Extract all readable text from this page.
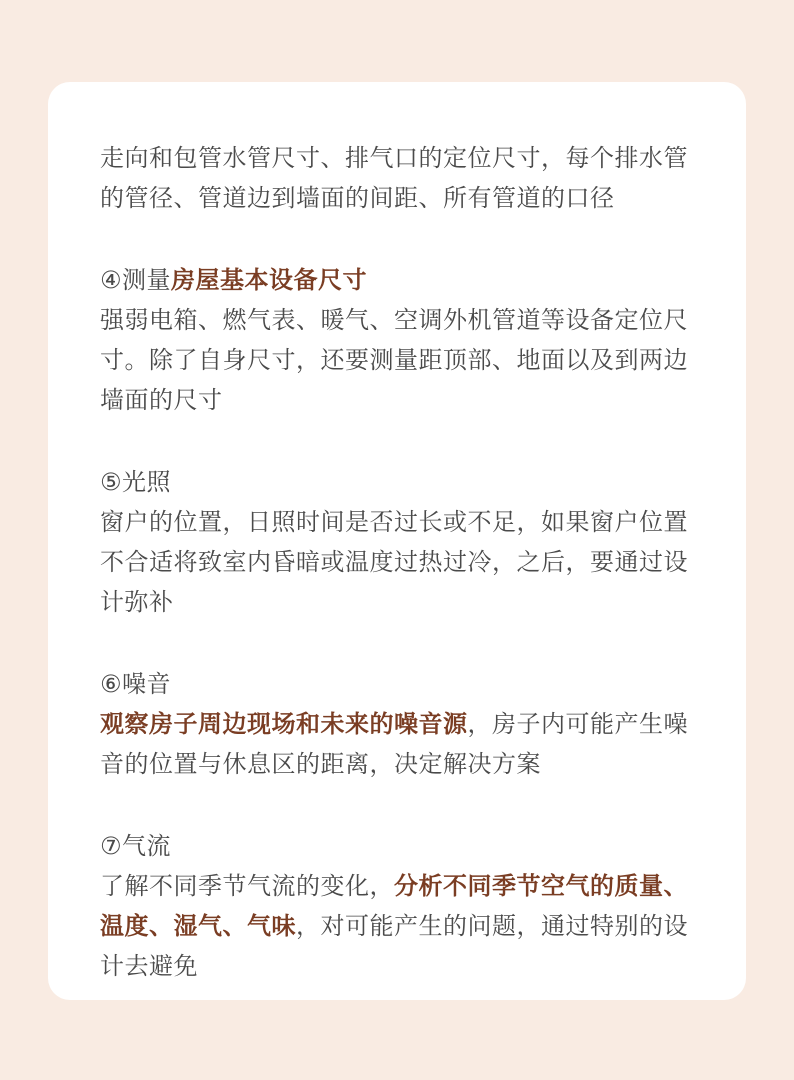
走向和包管水管尺寸、排气口的定位尺寸，每个排水管的管径、管道边到墙面的间距、所有管道的口径

④测量房屋基本设备尺寸

强弱电箱、燃气表、暖气、空调外机管道等设备定位尺寸。除了自身尺寸，还要测量距顶部、地面以及到两边墙面的尺寸

⑤光照

窗户的位置，日照时间是否过长或不足，如果窗户位置不合适将致室内昏暗或温度过热过冷，之后，要通过设计弥补

⑥噪音

观察房子周边现场和未来的噪音源，房子内可能产生噪音的位置与休息区的距离，决定解决方案

⑦气流

了解不同季节气流的变化，分析不同季节空气的质量、温度、湿气、气味，对可能产生的问题，通过特别的设计去避免
